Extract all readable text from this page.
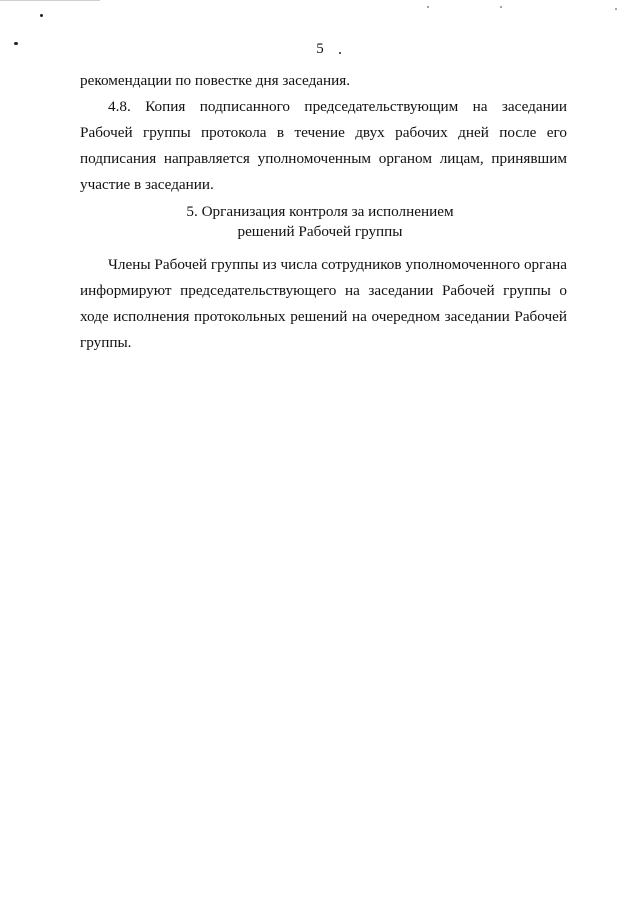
5
рекомендации по повестке дня заседания.
4.8. Копия подписанного председательствующим на заседании
Рабочей группы протокола в течение двух рабочих дней после его
подписания направляется уполномоченным органом лицам, принявшим
участие в заседании.
5. Организация контроля за исполнением
решений Рабочей группы
Члены Рабочей группы из числа сотрудников уполномоченного органа
информируют председательствующего на заседании Рабочей группы о
ходе исполнения протокольных решений на очередном заседании Рабочей
группы.
